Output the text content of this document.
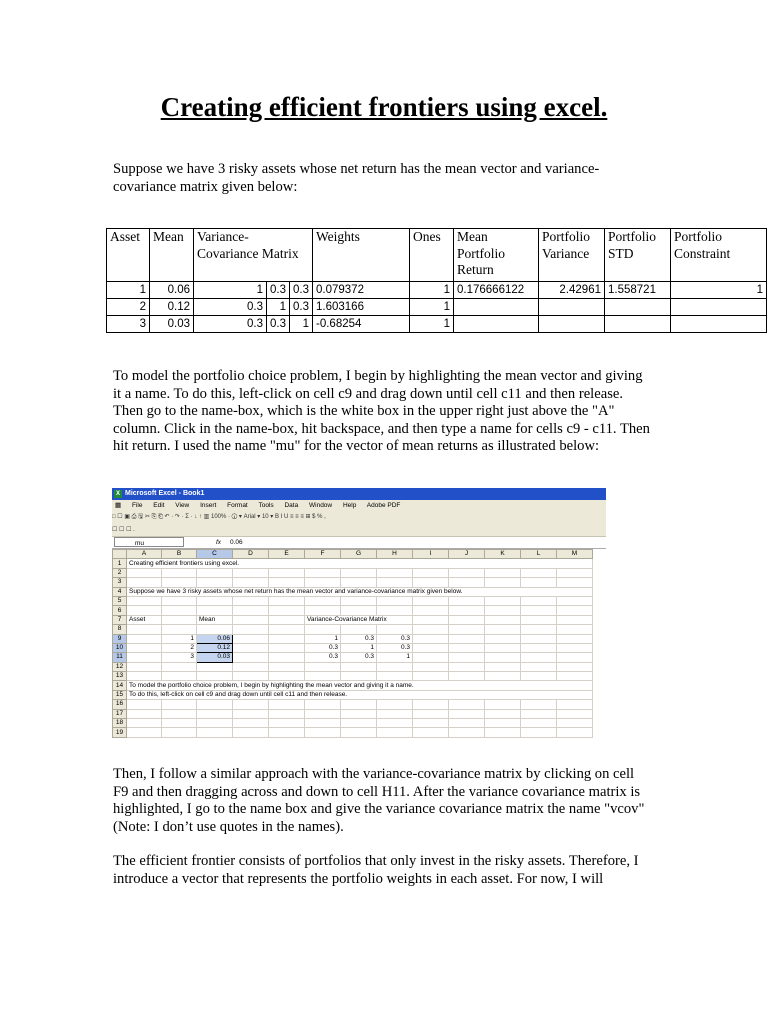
Creating efficient frontiers using excel.

Suppose we have 3 risky assets whose net return has the mean vector and variance-covariance matrix given below:

Asset	Mean	Variance-Covariance Matrix			Weights	Ones	Mean Portfolio Return	Portfolio Variance	Portfolio STD	Portfolio Constraint
1	0.06	1	0.3	0.3	0.079372	1	0.176666122	2.42961	1.558721	1
2	0.12	0.3	1	0.3	1.603166	1				
3	0.03	0.3	0.3	1	-0.68254	1				

To model the portfolio choice problem, I begin by highlighting the mean vector and giving it a name. To do this, left-click on cell c9 and drag down until cell c11 and then release. Then go to the name-box, which is the white box in the upper right just above the "A" column. Click in the name-box, hit backspace, and then type a name for cells c9 - c11. Then hit return. I used the name "mu" for the vector of mean returns as illustrated below:

X Microsoft Excel - Book1
▦ File Edit View Insert Format Tools Data Window Help Adobe PDF
□ ☐ ▣ ⎙ 🖫 ✂ ⎘ ⎗ ↶ · ↷ · Σ · ↓ ↑ ▥ 100% · ⓘ ▾ Arial ▾ 10 ▾ B I U ≡ ≡ ≡ ⊞ $ % ,
☐ ☐ ☐ .
mu	fx 0.06
	A	B	C	D	E	F	G	H	I	J	K	L	M
1	Creating efficient frontiers using excel.												
2													
3													
4	Suppose we have 3 risky assets whose net return has the mean vector and variance-covariance matrix given below.												
5													
6													
7	Asset		Mean			Variance-Covariance Matrix							
8													
9		1	0.06			1	0.3	0.3					
10		2	0.12			0.3	1	0.3					
11		3	0.03			0.3	0.3	1					
12													
13													
14	To model the portfolio choice problem, I begin by highlighting the mean vector and giving it a name.												
15	To do this, left-click on cell c9 and drag down until cell c11 and then release.												
16													
17													
18													
19													

Then, I follow a similar approach with the variance-covariance matrix by clicking on cell F9 and then dragging across and down to cell H11. After the variance covariance matrix is highlighted, I go to the name box and give the variance covariance matrix the name "vcov" (Note: I don’t use quotes in the names).

The efficient frontier consists of portfolios that only invest in the risky assets. Therefore, I introduce a vector that represents the portfolio weights in each asset. For now, I will
